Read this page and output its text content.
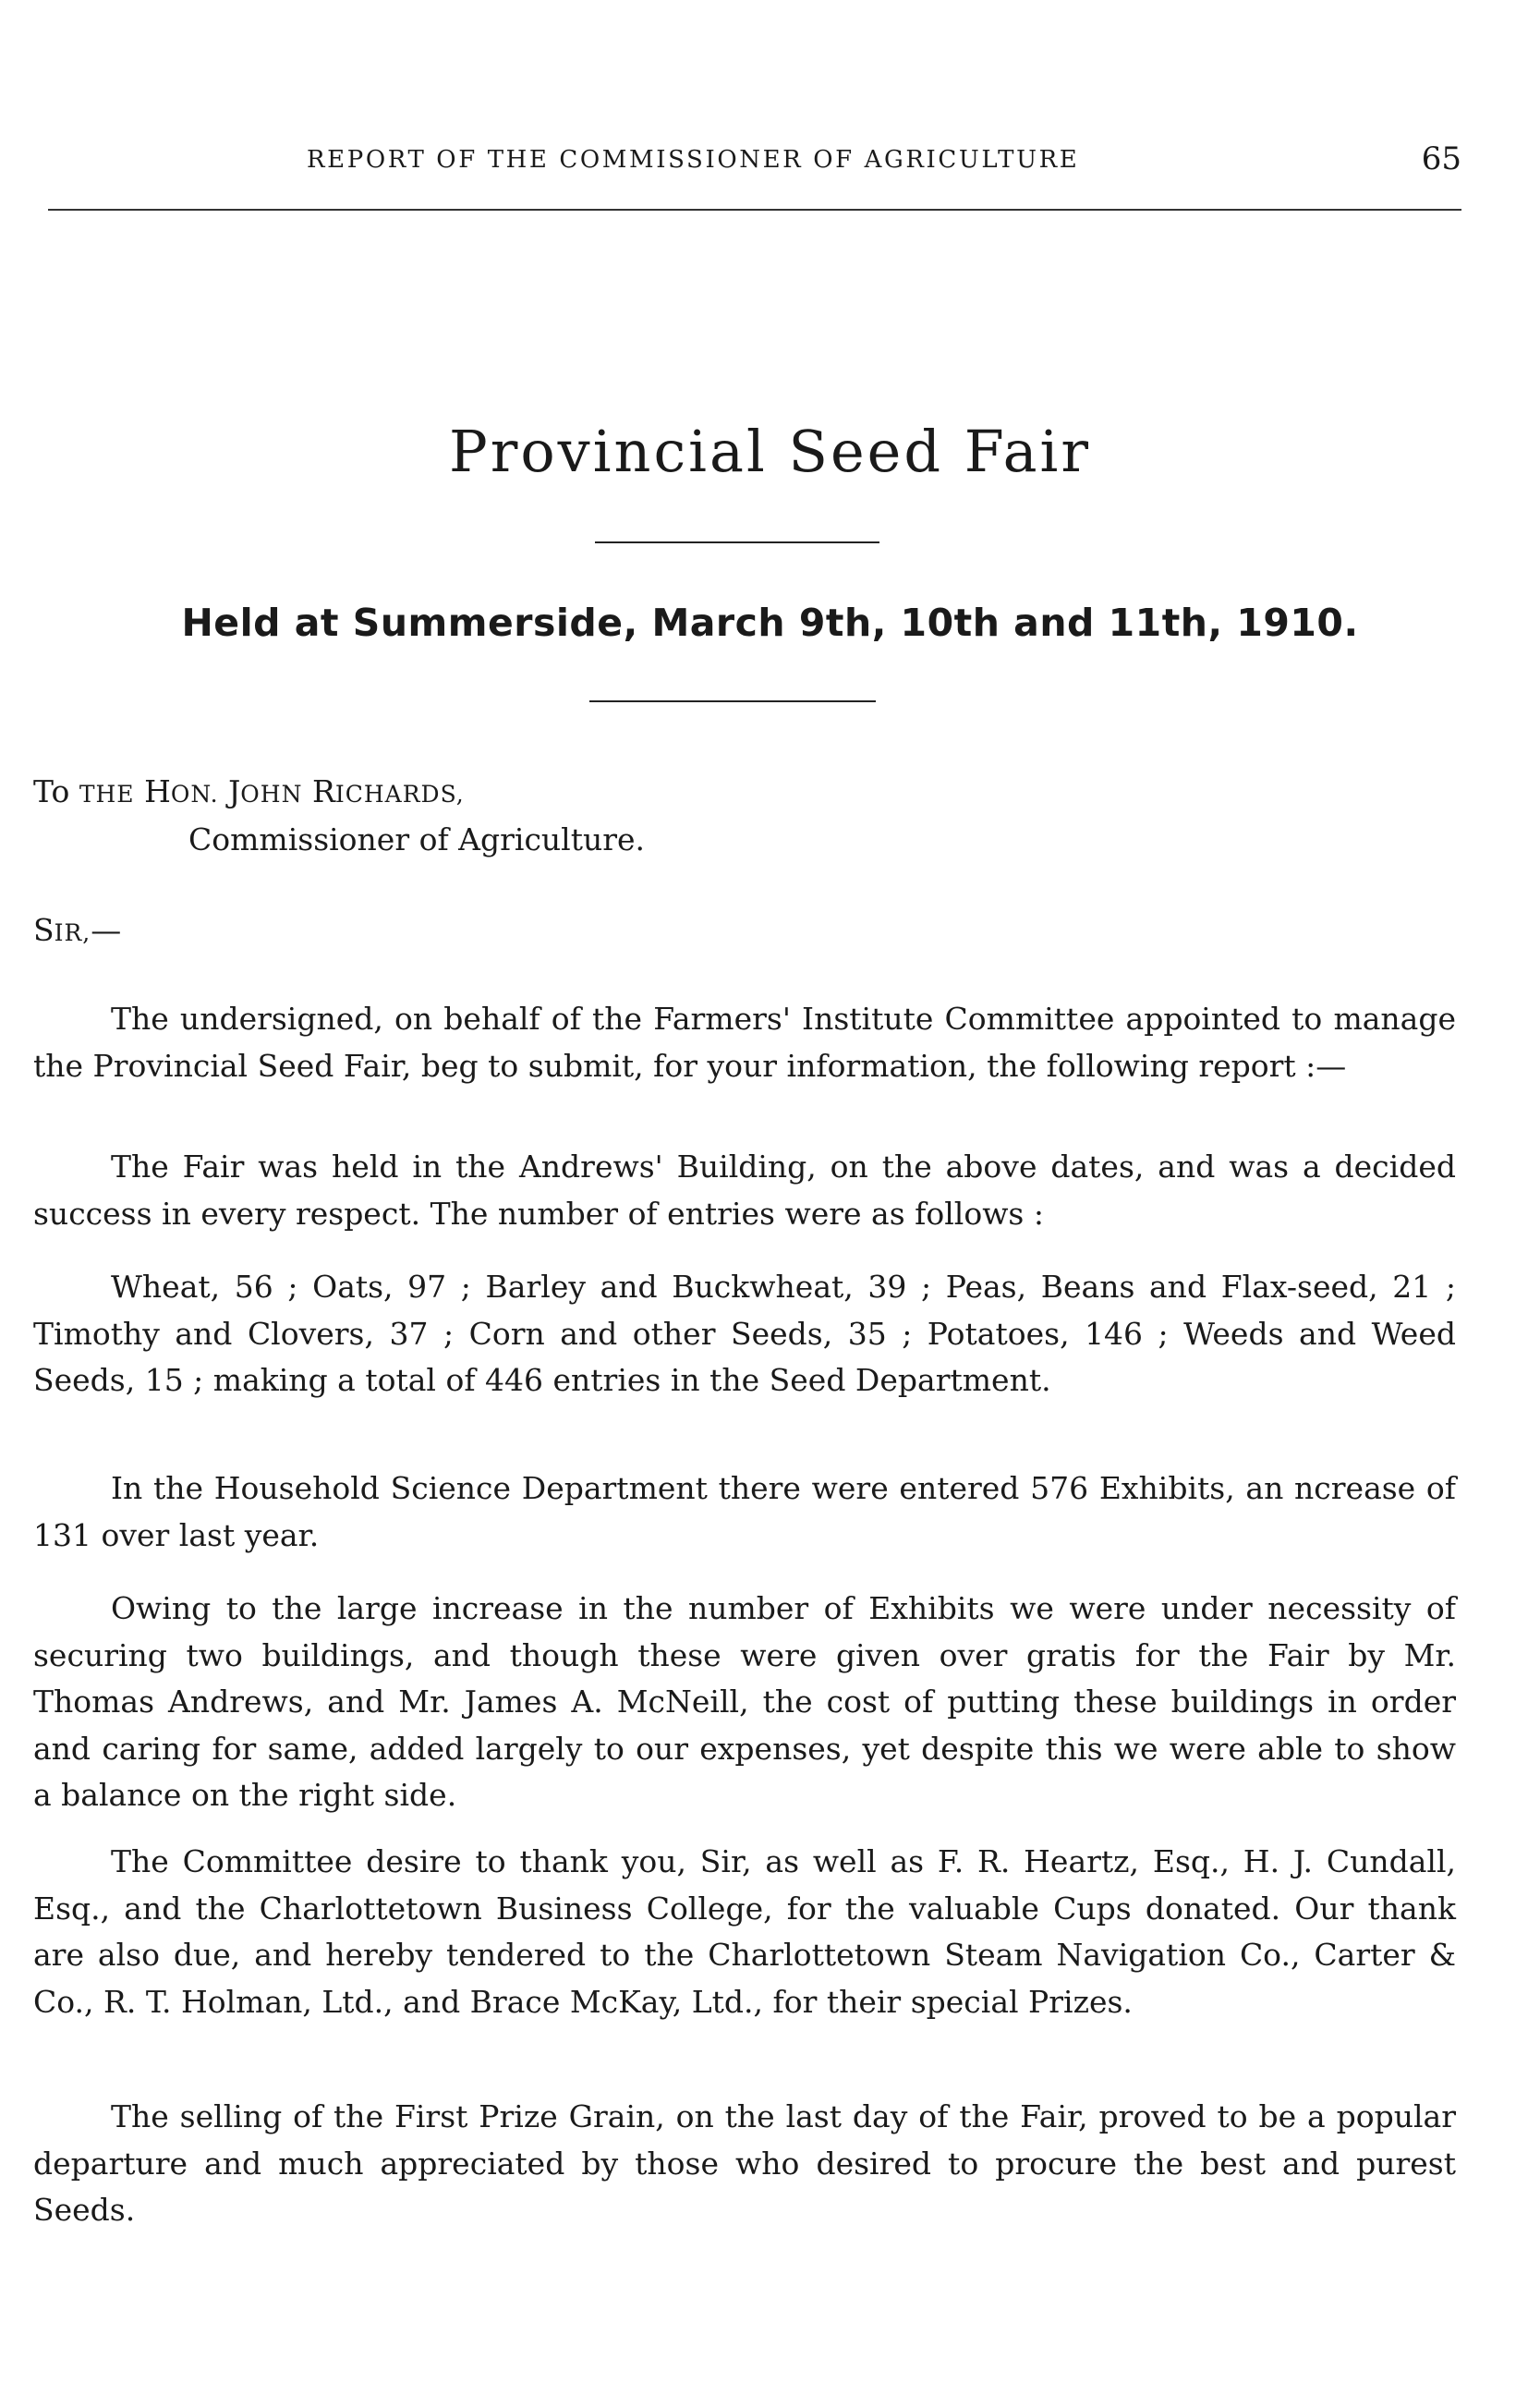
REPORT OF THE COMMISSIONER OF AGRICULTURE	65
Provincial Seed Fair
Held at Summerside, March 9th, 10th and 11th, 1910.
To THE HON. JOHN RICHARDS,
Commissioner of Agriculture.
SIR,—

The undersigned, on behalf of the Farmers' Institute Committee appointed to manage the Provincial Seed Fair, beg to submit, for your information, the following report :—

The Fair was held in the Andrews' Building, on the above dates, and was a decided success in every respect. The number of entries were as follows :

Wheat, 56 ; Oats, 97 ; Barley and Buckwheat, 39 ; Peas, Beans and Flax-seed, 21 ; Timothy and Clovers, 37 ; Corn and other Seeds, 35 ; Potatoes, 146 ; Weeds and Weed Seeds, 15 ; making a total of 446 entries in the Seed Department.

In the Household Science Department there were entered 576 Exhibits, an ncrease of 131 over last year.

Owing to the large increase in the number of Exhibits we were under necessity of securing two buildings, and though these were given over gratis for the Fair by Mr. Thomas Andrews, and Mr. James A. McNeill, the cost of putting these buildings in order and caring for same, added largely to our expenses, yet despite this we were able to show a balance on the right side.

The Committee desire to thank you, Sir, as well as F. R. Heartz, Esq., H. J. Cundall, Esq., and the Charlottetown Business College, for the valuable Cups donated. Our thank are also due, and hereby tendered to the Charlottetown Steam Navigation Co., Carter & Co., R. T. Holman, Ltd., and Brace McKay, Ltd., for their special Prizes.

The selling of the First Prize Grain, on the last day of the Fair, proved to be a popular departure and much appreciated by those who desired to procure the best and purest Seeds.
